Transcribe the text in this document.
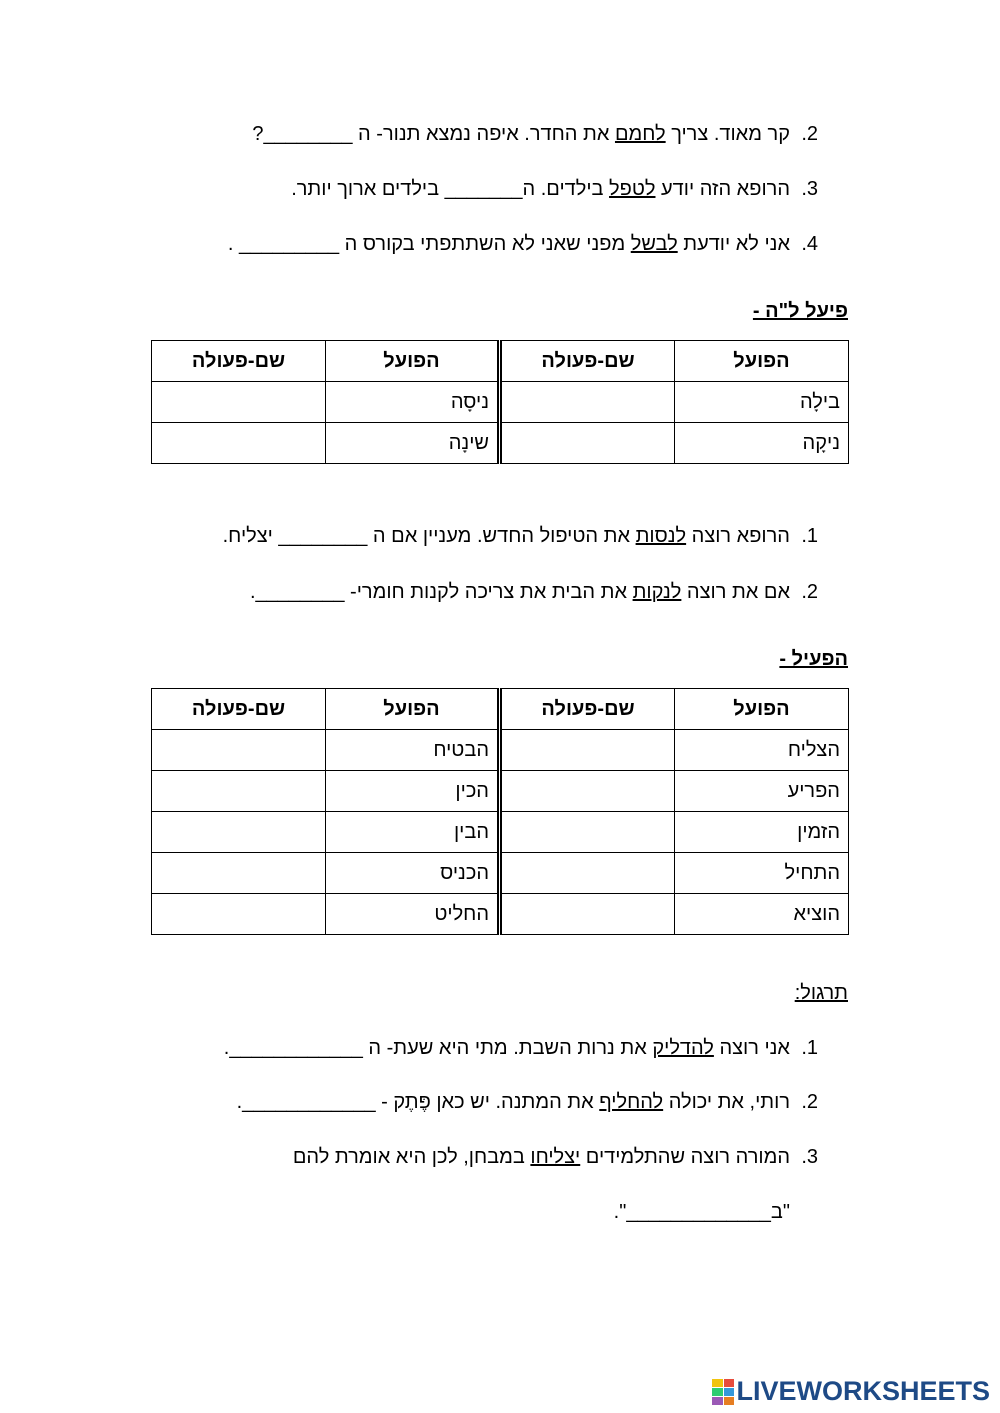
2.קר מאוד. צריך לחמם את החדר. איפה נמצא תנור- ה ________?
3.הרופא הזה יודע לטפל בילדים. ה_______ בילדים ארוך יותר.
4.אני לא יודעת לבשל מפני שאני לא השתתפתי בקורס ה _________ .
פיעל ל"ה -
הפועל	שם-פעולה	הפועל	שם-פעולה
בילָה		ניסָה	
ניקָה		שינָה	
1.הרופא רוצה לנסות את הטיפול החדש. מעניין אם ה ________ יצליח.
2.אם את רוצה לנקות את הבית את צריכה לקנות חומרי- ________.
הפעיל -
הפועל	שם-פעולה	הפועל	שם-פעולה
הצליח		הבטיח	
הפריע		הכין	
הזמין		הבין	
התחיל		הכניס	
הוציא		החליט	
תרגול:
1.אני רוצה להדליק את נרות השבת. מתי היא שעת- ה ____________.
2.רותי, את יכולה להחליף את המתנה. יש כאן פֶּתֶק - ____________.
3.המורה רוצה שהתלמידים יצליחו במבחן, לכן היא אומרת להם
"ב_____________".
LIVEWORKSHEETS
